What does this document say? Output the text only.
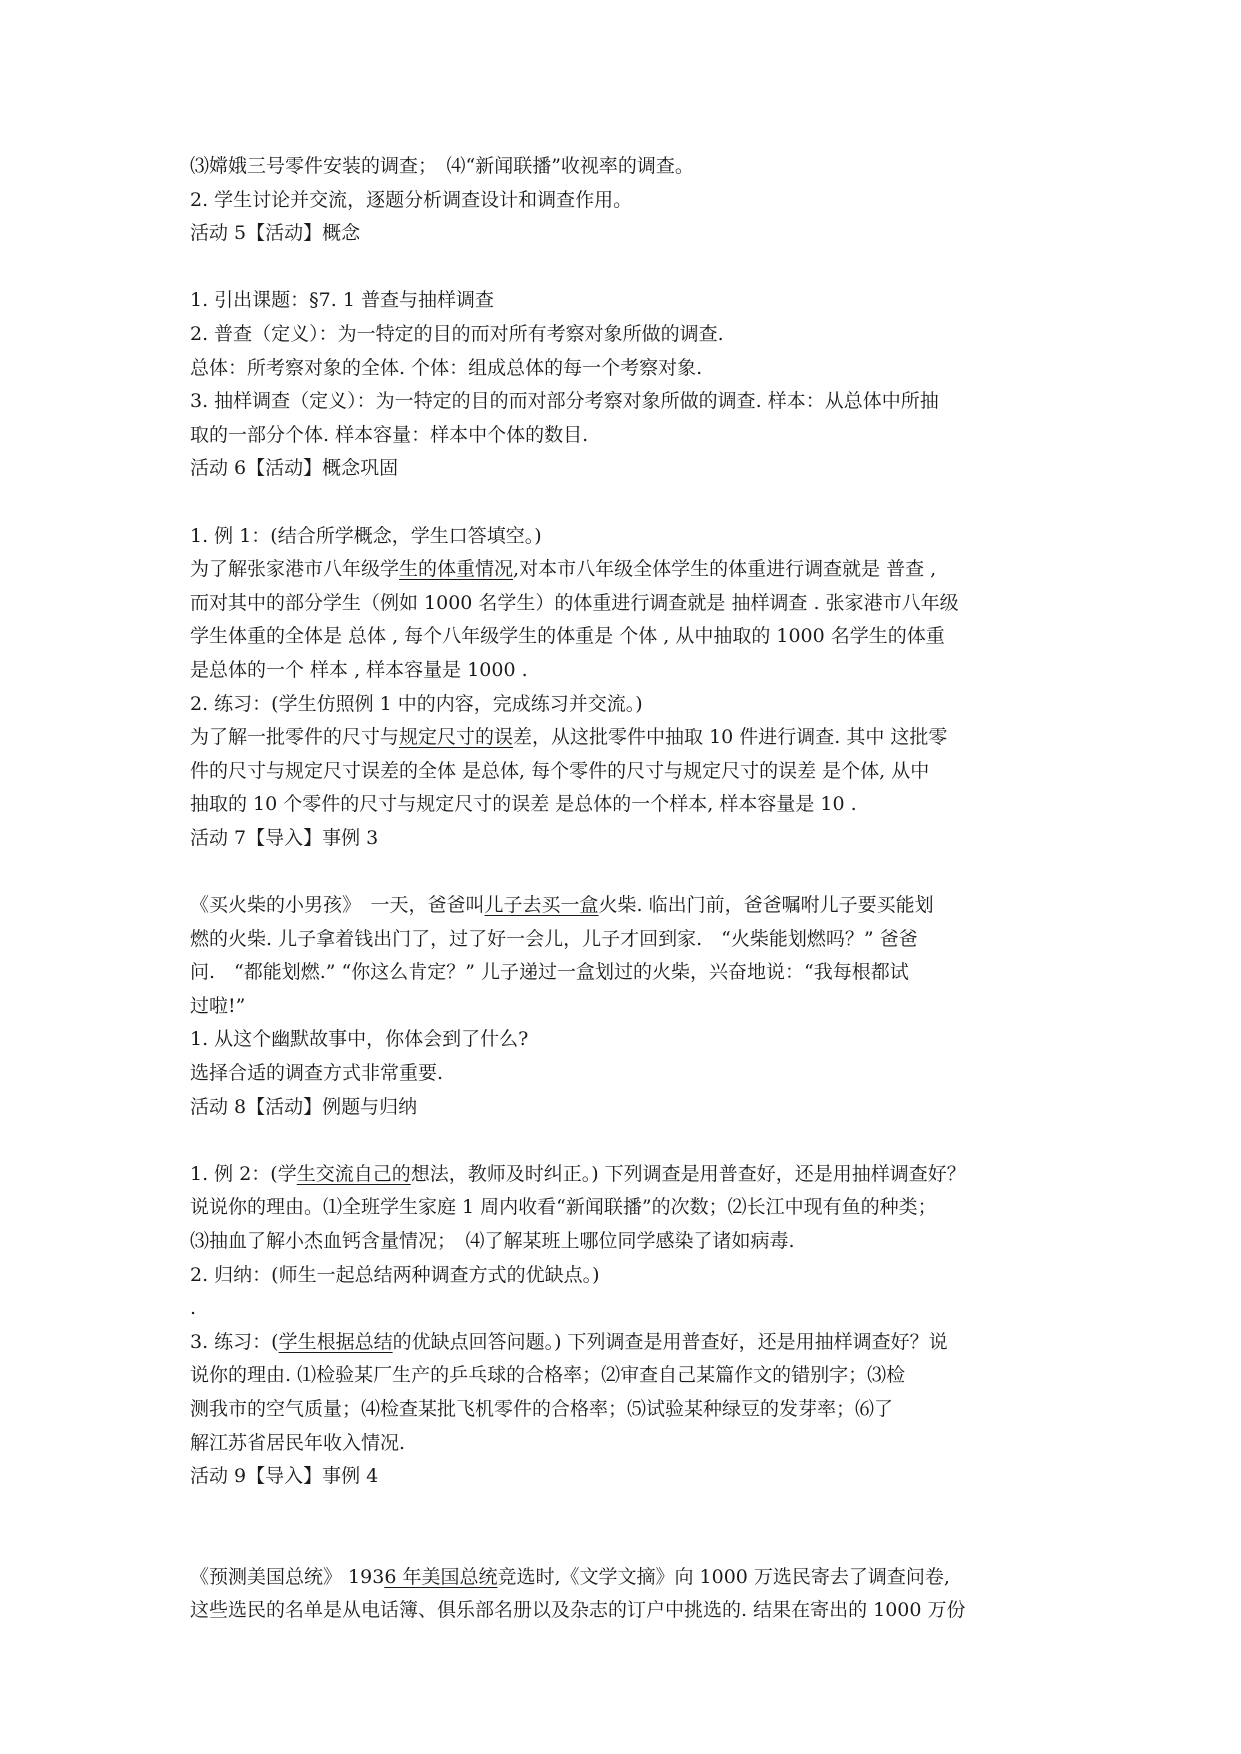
⑶嫦娥三号零件安装的调查；　⑷“新闻联播”收视率的调查。

2. 学生讨论并交流，逐题分析调查设计和调查作用。

活动 5【活动】概念

1. 引出课题：§7. 1 普查与抽样调查

2. 普查（定义）：为一特定的目的而对所有考察对象所做的调查.

总体：所考察对象的全体. 个体：组成总体的每一个考察对象.

3. 抽样调查（定义）：为一特定的目的而对部分考察对象所做的调查. 样本：从总体中所抽

取的一部分个体. 样本容量：样本中个体的数目.

活动 6【活动】概念巩固

1. 例 1：(结合所学概念，学生口答填空。)

为了解张家港市八年级学生的体重情况,对本市八年级全体学生的体重进行调查就是 普查 ,

而对其中的部分学生（例如 1000 名学生）的体重进行调查就是 抽样调查 . 张家港市八年级

学生体重的全体是 总体 , 每个八年级学生的体重是 个体 , 从中抽取的 1000 名学生的体重

是总体的一个 样本 , 样本容量是 1000 .

2. 练习：(学生仿照例 1 中的内容，完成练习并交流。)

为了解一批零件的尺寸与规定尺寸的误差，从这批零件中抽取 10 件进行调查. 其中 这批零

件的尺寸与规定尺寸误差的全体 是总体, 每个零件的尺寸与规定尺寸的误差 是个体, 从中

抽取的 10 个零件的尺寸与规定尺寸的误差 是总体的一个样本, 样本容量是 10 .

活动 7【导入】事例 3

《买火柴的小男孩》　一天，爸爸叫儿子去买一盒火柴. 临出门前，爸爸嘱咐儿子要买能划

燃的火柴. 儿子拿着钱出门了，过了好一会儿，儿子才回到家.　“火柴能划燃吗？” 爸爸

问.　“都能划燃.” “你这么肯定？” 儿子递过一盒划过的火柴，兴奋地说：“我每根都试

过啦!”

1. 从这个幽默故事中，你体会到了什么?

选择合适的调查方式非常重要.

活动 8【活动】例题与归纳

1. 例 2：(学生交流自己的想法，教师及时纠正。) 下列调查是用普查好，还是用抽样调查好？

说说你的理由。⑴全班学生家庭 1 周内收看“新闻联播”的次数；⑵长江中现有鱼的种类；

⑶抽血了解小杰血钙含量情况；　⑷了解某班上哪位同学感染了诸如病毒.

2. 归纳：(师生一起总结两种调查方式的优缺点。)

.

3. 练习：(学生根据总结的优缺点回答问题。) 下列调查是用普查好，还是用抽样调查好？说

说你的理由. ⑴检验某厂生产的乒乓球的合格率；⑵审查自己某篇作文的错别字；⑶检

测我市的空气质量；⑷检查某批飞机零件的合格率；⑸试验某种绿豆的发芽率；⑹了

解江苏省居民年收入情况.

活动 9【导入】事例 4

《预测美国总统》 1936 年美国总统竞选时,《文学文摘》向 1000 万选民寄去了调查问卷,

这些选民的名单是从电话簿、俱乐部名册以及杂志的订户中挑选的. 结果在寄出的 1000 万份
